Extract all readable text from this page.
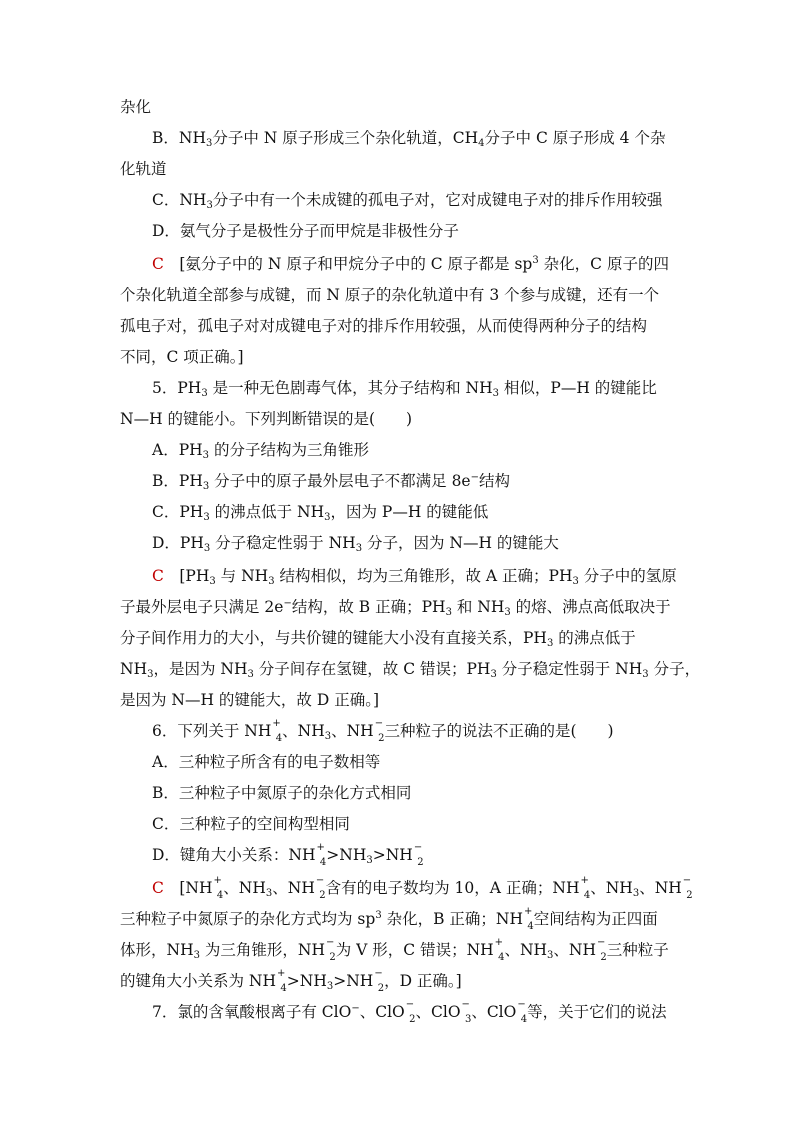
杂化
B．$NH_3$分子中 N 原子形成三个杂化轨道，$CH_4$分子中 C 原子形成 4 个杂
化轨道
C．$NH_3$分子中有一个未成键的孤电子对，它对成键电子对的排斥作用较强
D．氨气分子是极性分子而甲烷是非极性分子
C　[氨分子中的 N 原子和甲烷分子中的 C 原子都是 $sp^3$ 杂化，C 原子的四
个杂化轨道全部参与成键，而 N 原子的杂化轨道中有 3 个参与成键，还有一个
孤电子对，孤电子对对成键电子对的排斥作用较强，从而使得两种分子的结构
不同，C 项正确。]
5．$PH_3$ 是一种无色剧毒气体，其分子结构和 $NH_3$ 相似，P—H 的键能比
N—H 的键能小。下列判断错误的是(　　)
A．$PH_3$ 的分子结构为三角锥形
B．$PH_3$ 分子中的原子最外层电子不都满足 8e−结构
C．$PH_3$ 的沸点低于 $NH_3$，因为 P—H 的键能低
D．$PH_3$ 分子稳定性弱于 $NH_3$ 分子，因为 N—H 的键能大
C　[$PH_3$ 与 $NH_3$ 结构相似，均为三角锥形，故 A 正确；$PH_3$ 分子中的氢原
子最外层电子只满足 2e−结构，故 B 正确；$PH_3$ 和 $NH_3$ 的熔、沸点高低取决于
分子间作用力的大小，与共价键的键能大小没有直接关系，$PH_3$ 的沸点低于
$NH_3$，是因为 $NH_3$ 分子间存在氢键，故 C 错误；$PH_3$ 分子稳定性弱于 $NH_3$ 分子，
是因为 N—H 的键能大，故 D 正确。]
6．下列关于 $NH^+_4$、$NH_3$、$NH^-_2$三种粒子的说法不正确的是(　　)
A．三种粒子所含有的电子数相等
B．三种粒子中氮原子的杂化方式相同
C．三种粒子的空间构型相同
D．键角大小关系：$NH^+_4>NH_3>NH^-_2$
C　[$NH^+_4$、$NH_3$、$NH^-_2$含有的电子数均为 10，A 正确；$NH^+_4$、$NH_3$、$NH^-_2$
三种粒子中氮原子的杂化方式均为 $sp^3$ 杂化，B 正确；$NH^+_4$空间结构为正四面
体形，$NH_3$ 为三角锥形，$NH^-_2$为 V 形，C 错误；$NH^+_4$、$NH_3$、$NH^-_2$三种粒子
的键角大小关系为 $NH^+_4>NH_3>NH^-_2$，D 正确。]
7．氯的含氧酸根离子有 ClO−、ClO−$_2$、ClO−$_3$、ClO−$_4$等，关于它们的说法
